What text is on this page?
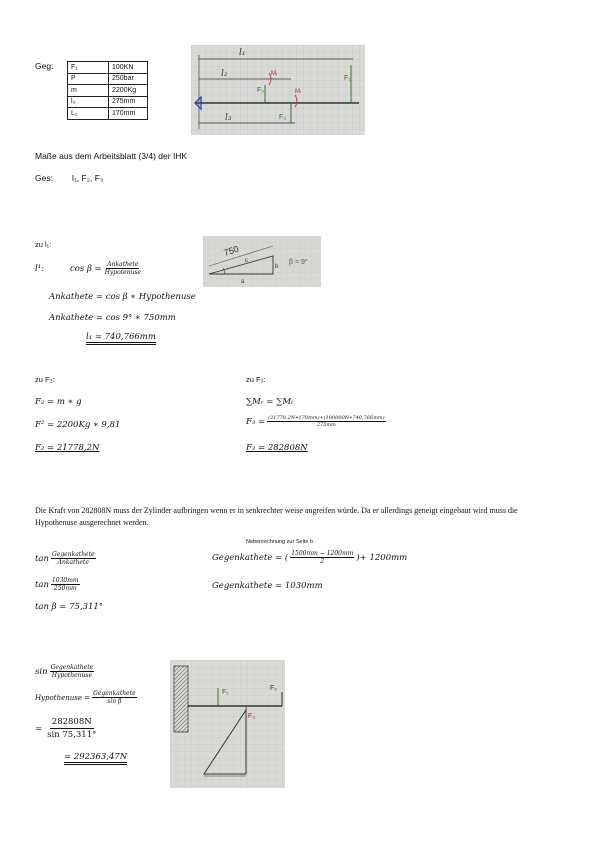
Geg:	F₁	100KN
P	250bar
m	2200Kg
l₃	275mm
L₂	170mm
l₁
l₂
l₃
F₁
F₂
F₃
Mᵣ
Mₗ
Maße aus dem Arbeitsblatt (3/4) der IHK
Ges: l₁, F₂, F₃
zu l₁:
l¹:	$\cos \beta = \frac{\text{Ankathete}}{\text{Hypotenuse}}$
Ankathete = cos β ∗ Hypothenuse
Ankathete = cos 9° ∗ 750mm
l₁ = 740,766mm
750
β = 9°
a
b
c
zu F₂:
F₂ = m ∗ g
F² = 2200Kg ∗ 9,81
F₂ = 21778,2N
zu F₃:
∑Mᵣ = ∑Mₗ
$F_3 = \frac{(21778,2N∗170mm)+(100000N∗740,766mm)}{275mm}$
F₃ = 282808N
Die Kraft von 282808N muss der Zylinder aufbringen wenn er in senkrechter weise angreifen würde. Da er allerdings geneigt eingebaut wird muss die Hypothenuse ausgerechnet werden.
Nebenrechnung zur Seite b
$\tan \frac{\text{Gegenkathete}}{\text{Ankathete}}$
$\tan \frac{1030mm}{250mm}$
tan β = 75,311°
Gegenkathete = ( $\frac{1500mm - 1200mm}{2}$ )+ 1200mm
Gegenkathete = 1030mm
$\sin \frac{\text{Gegenkathete}}{\text{Hypothenuse}}$
Hypothenuse = $\frac{\text{Gegenkathete}}{\text{sin β}}$
= $\frac{282808N}{\sin 75,311^\circ}$
= 292363,47N
F₁
F₂
F₃
